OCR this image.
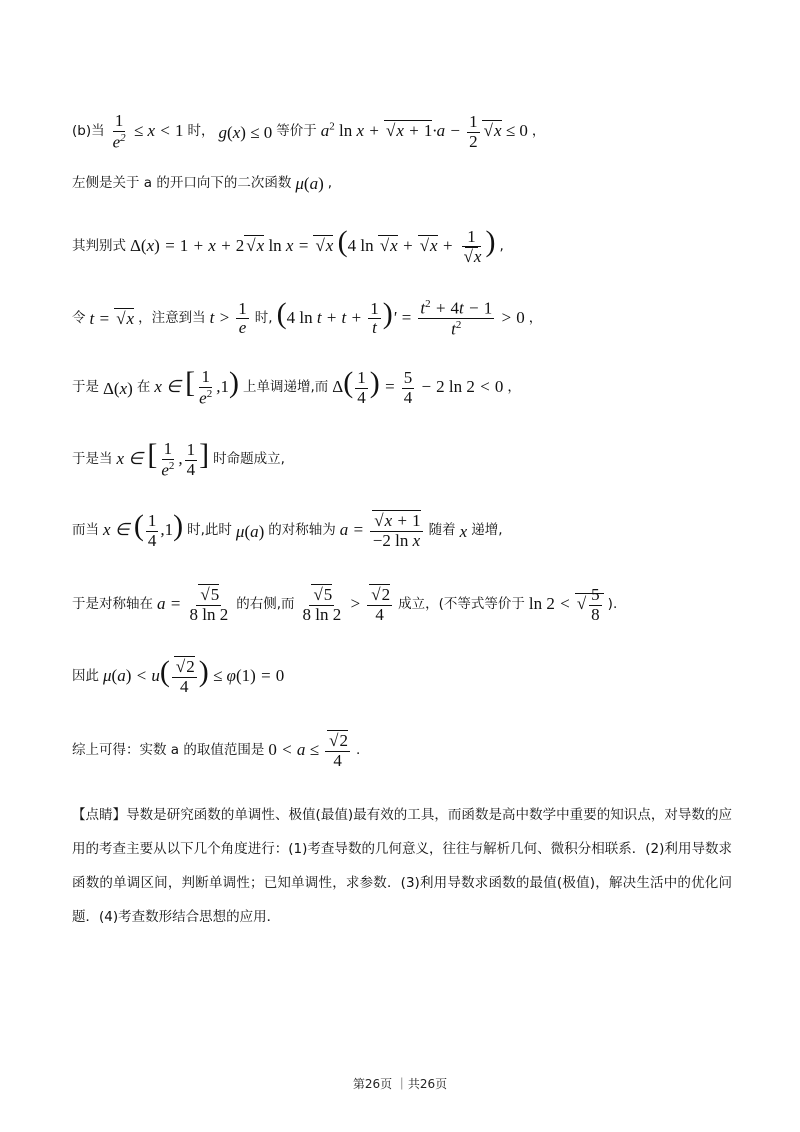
(b)当 $\frac{1}{e^2} \le x < 1$ 时， g(x) ≤ 0 等价于 $a^2$ ln x + √ $x + 1\cdot a - \frac{1}{2}$ √ x ≤ 0 ，
左侧是关于 a 的开口向下的二次函数 μ(a) ,
其判别式 Δ(x) = 1 + x + 2 √ x ln x = √ x (4 ln √ x + √ x + 1
√ x ) ,
令 t = √ x ，注意到当 $t > \frac{1}{e}$ 时, (4 $\ln t + t + \frac{1}{t}$ )' = $\frac{t^2 + 4t - 1}{t^2} > 0$ ，
于是 Δ(x) 在 x ∈ [ $\frac{1}{e^2} ,1$) 上单调递增,而 $\Delta( \frac{1}{4}$ ) = $\frac{5}{4} - 2$ ln 2 < 0 ，
于是当 x ∈ [ $\frac{1}{e^2}$ , $\frac{1}{4}$ ] 时命题成立,
而当 x ∈ ( $\frac{1}{4} ,1$) 时,此时 μ(a) 的对称轴为 a = √ $\frac{x + 1}{\text{−2 ln x}}$ 随着 x 递增,
于是对称轴在 a = √ $\frac{5}{8 \ln 2}$ 的右侧,而 √ $\frac{5}{8 \ln 2}$ > √ $\frac{2}{4}$ 成立，(不等式等价于 ln 2 < √ $\frac{5}{8}$ ).
因此 μ(a) < u( √ $\frac{2}{4}$ ) ≤ φ(1) = 0
综上可得：实数 a 的取值范围是 0 < a ≤ √ $\frac{2}{4}$ .
【点睛】导数是研究函数的单调性、极值(最值)最有效的工具，而函数是高中数学中重要的知识点，对导数的应用的考查主要从以下几个角度进行：(1)考查导数的几何意义，往往与解析几何、微积分相联系．(2)利用导数求函数的单调区间，判断单调性；已知单调性，求参数．(3)利用导数求函数的最值(极值)，解决生活中的优化问题．(4)考查数形结合思想的应用．
第26页 ｜共26页
